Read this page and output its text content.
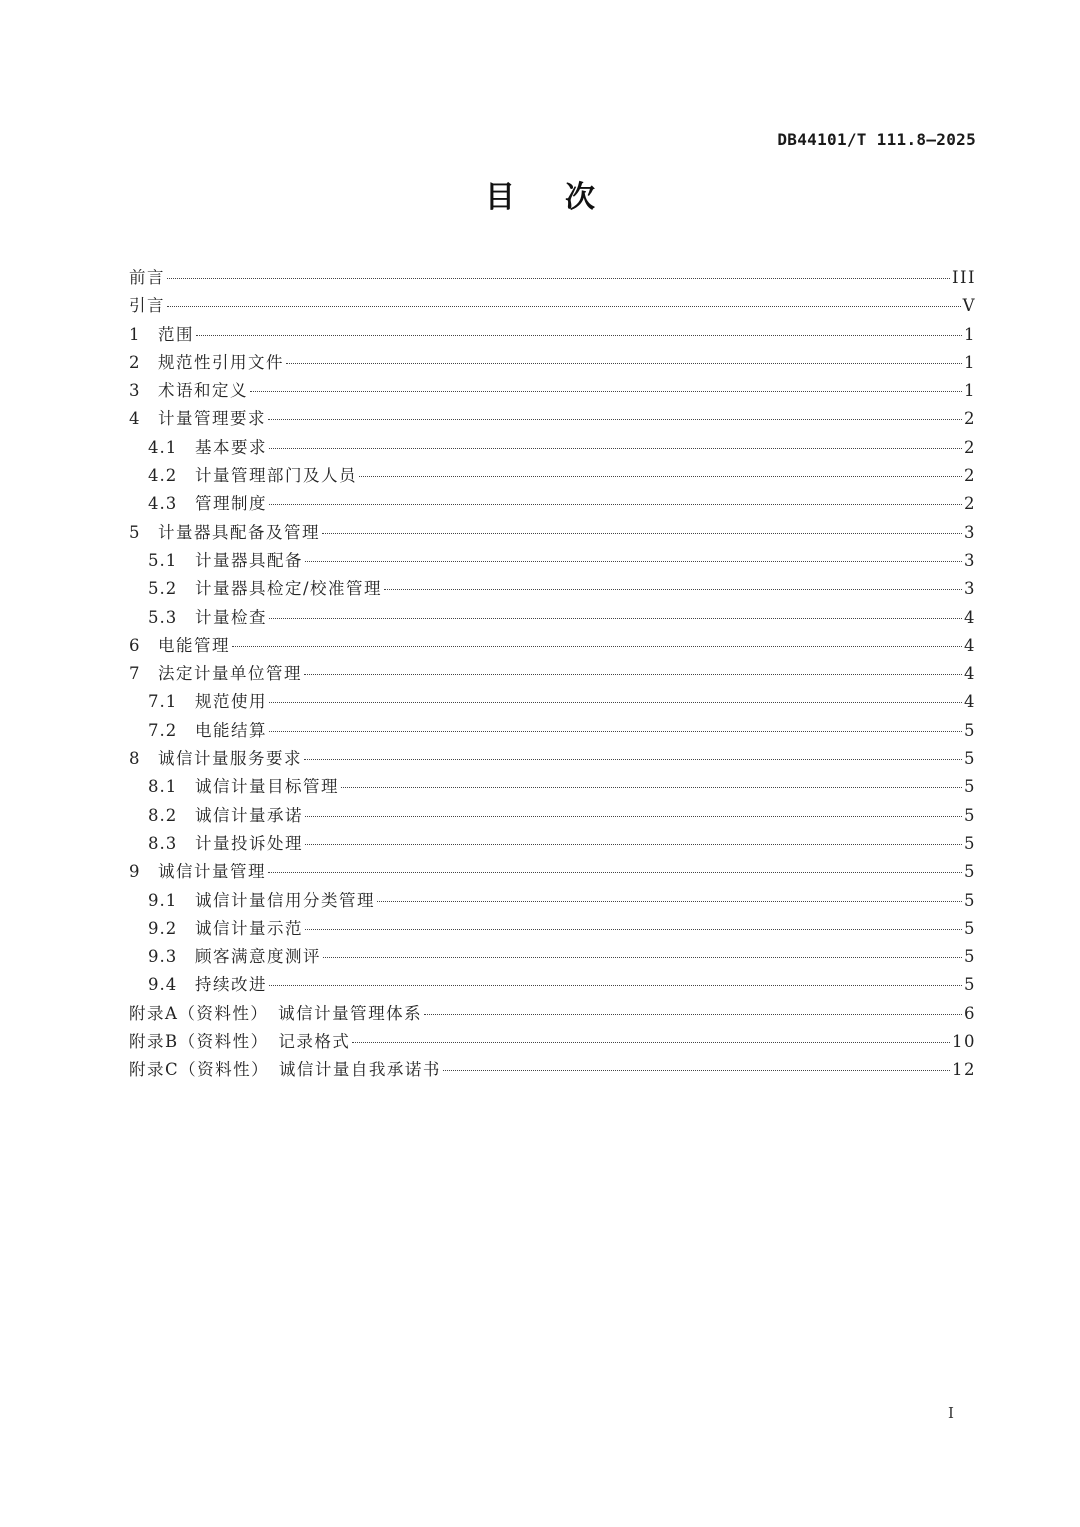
DB44101/T 111.8—2025
目次
前言	III
引言	V
1	范围	1
2	规范性引用文件	1
3	术语和定义	1
4	计量管理要求	2
4.1	基本要求	2
4.2	计量管理部门及人员	2
4.3	管理制度	2
5	计量器具配备及管理	3
5.1	计量器具配备	3
5.2	计量器具检定/校准管理	3
5.3	计量检查	4
6	电能管理	4
7	法定计量单位管理	4
7.1	规范使用	4
7.2	电能结算	5
8	诚信计量服务要求	5
8.1	诚信计量目标管理	5
8.2	诚信计量承诺	5
8.3	计量投诉处理	5
9	诚信计量管理	5
9.1	诚信计量信用分类管理	5
9.2	诚信计量示范	5
9.3	顾客满意度测评	5
9.4	持续改进	5
附录A（资料性）　诚信计量管理体系	6
附录B（资料性）　记录格式	10
附录C（资料性）　诚信计量自我承诺书	12
I
